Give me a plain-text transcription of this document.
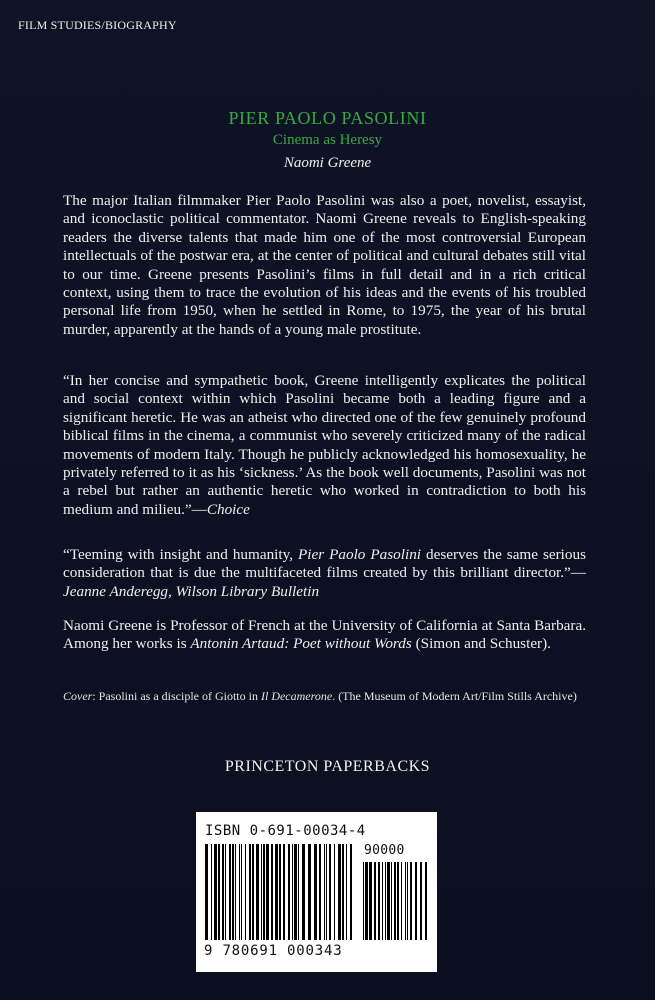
FILM STUDIES/BIOGRAPHY
PIER PAOLO PASOLINI
Cinema as Heresy
Naomi Greene

The major Italian filmmaker Pier Paolo Pasolini was also a poet, novelist, essayist, and iconoclastic political commentator. Naomi Greene reveals to English-speaking readers the diverse talents that made him one of the most controversial European intellectuals of the postwar era, at the center of political and cultural debates still vital to our time. Greene presents Pasolini’s films in full detail and in a rich critical context, using them to trace the evolution of his ideas and the events of his troubled personal life from 1950, when he settled in Rome, to 1975, the year of his brutal murder, apparently at the hands of a young male prostitute.

“In her concise and sympathetic book, Greene intelligently explicates the political and social context within which Pasolini became both a leading figure and a significant heretic. He was an atheist who directed one of the few genuinely profound biblical films in the cinema, a communist who severely criticized many of the radical movements of modern Italy. Though he publicly acknowledged his homosexuality, he privately referred to it as his ‘sickness.’ As the book well documents, Pasolini was not a rebel but rather an authentic heretic who worked in contradiction to both his medium and milieu.”—Choice

“Teeming with insight and humanity, Pier Paolo Pasolini deserves the same serious consideration that is due the multifaceted films created by this brilliant director.”—Jeanne Anderegg, Wilson Library Bulletin

Naomi Greene is Professor of French at the University of California at Santa Barbara. Among her works is Antonin Artaud: Poet without Words (Simon and Schuster).

Cover: Pasolini as a disciple of Giotto in Il Decamerone. (The Museum of Modern Art/Film Stills Archive)
PRINCETON PAPERBACKS
ISBN 0-691-00034-4
90000
9 780691 000343
